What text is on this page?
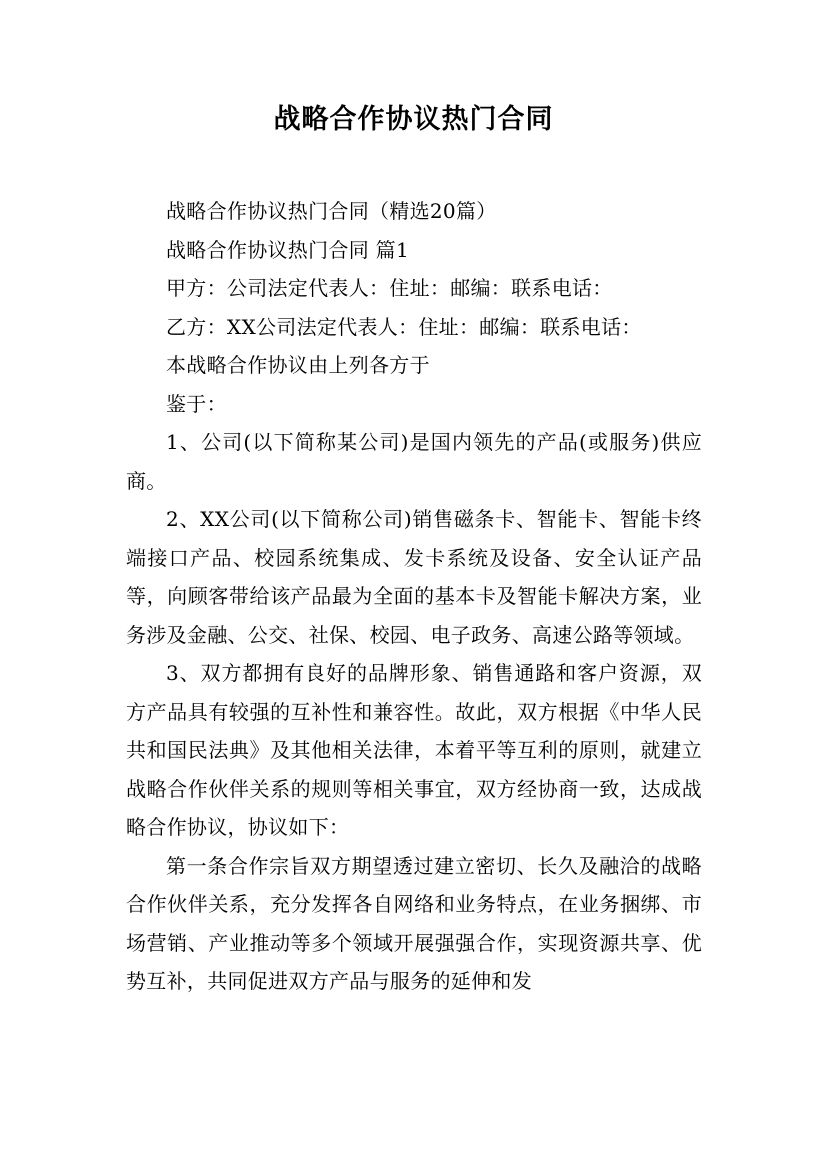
战略合作协议热门合同

战略合作协议热门合同（精选20篇）

战略合作协议热门合同 篇1

甲方：公司法定代表人：住址：邮编：联系电话：

乙方：XX公司法定代表人：住址：邮编：联系电话：

本战略合作协议由上列各方于

鉴于：

1、公司(以下简称某公司)是国内领先的产品(或服务)供应商。

2、XX公司(以下简称公司)销售磁条卡、智能卡、智能卡终端接口产品、校园系统集成、发卡系统及设备、安全认证产品等，向顾客带给该产品最为全面的基本卡及智能卡解决方案，业务涉及金融、公交、社保、校园、电子政务、高速公路等领域。

3、双方都拥有良好的品牌形象、销售通路和客户资源，双方产品具有较强的互补性和兼容性。故此，双方根据《中华人民共和国民法典》及其他相关法律，本着平等互利的原则，就建立战略合作伙伴关系的规则等相关事宜，双方经协商一致，达成战略合作协议，协议如下：

第一条合作宗旨双方期望透过建立密切、长久及融洽的战略合作伙伴关系，充分发挥各自网络和业务特点，在业务捆绑、市场营销、产业推动等多个领域开展强强合作，实现资源共享、优势互补，共同促进双方产品与服务的延伸和发
